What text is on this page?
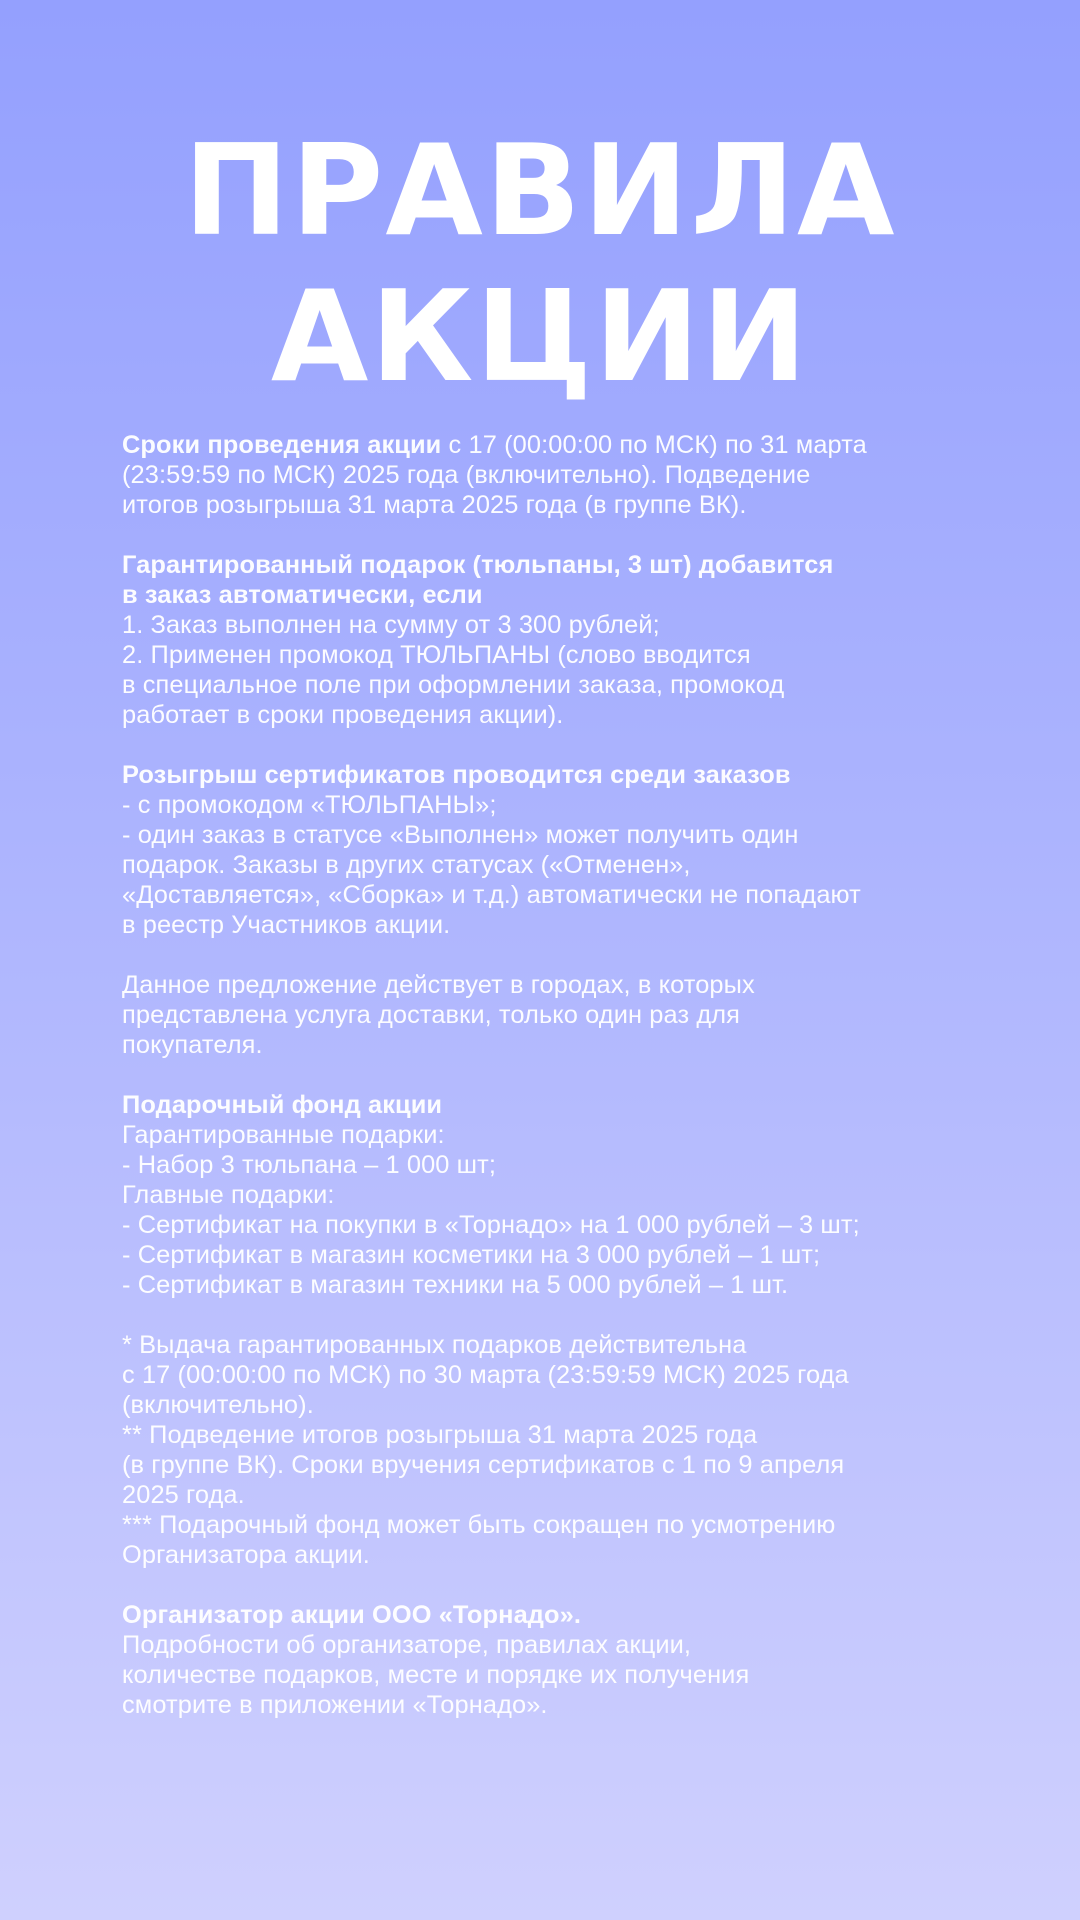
ПРАВИЛА
АКЦИИ
Сроки проведения акции с 17 (00:00:00 по МСК) по 31 марта
(23:59:59 по МСК) 2025 года (включительно). Подведение
итогов розыгрыша 31 марта 2025 года (в группе ВК).
Гарантированный подарок (тюльпаны, 3 шт) добавится
в заказ автоматически, если
1. Заказ выполнен на сумму от 3 300 рублей;
2. Применен промокод ТЮЛЬПАНЫ (слово вводится
в специальное поле при оформлении заказа, промокод
работает в сроки проведения акции).
Розыгрыш сертификатов проводится среди заказов
- с промокодом «ТЮЛЬПАНЫ»;
- один заказ в статусе «Выполнен» может получить один
подарок. Заказы в других статусах («Отменен»,
«Доставляется», «Сборка» и т.д.) автоматически не попадают
в реестр Участников акции.
Данное предложение действует в городах, в которых
представлена услуга доставки, только один раз для
покупателя.
Подарочный фонд акции
Гарантированные подарки:
- Набор 3 тюльпана – 1 000 шт;
Главные подарки:
- Сертификат на покупки в «Торнадо» на 1 000 рублей – 3 шт;
- Сертификат в магазин косметики на 3 000 рублей – 1 шт;
- Сертификат в магазин техники на 5 000 рублей – 1 шт.
* Выдача гарантированных подарков действительна
с 17 (00:00:00 по МСК) по 30 марта (23:59:59 МСК) 2025 года
(включительно).
** Подведение итогов розыгрыша 31 марта 2025 года
(в группе ВК). Сроки вручения сертификатов с 1 по 9 апреля
2025 года.
*** Подарочный фонд может быть сокращен по усмотрению
Организатора акции.
Организатор акции ООО «Торнадо».
Подробности об организаторе, правилах акции,
количестве подарков, месте и порядке их получения
смотрите в приложении «Торнадо».
